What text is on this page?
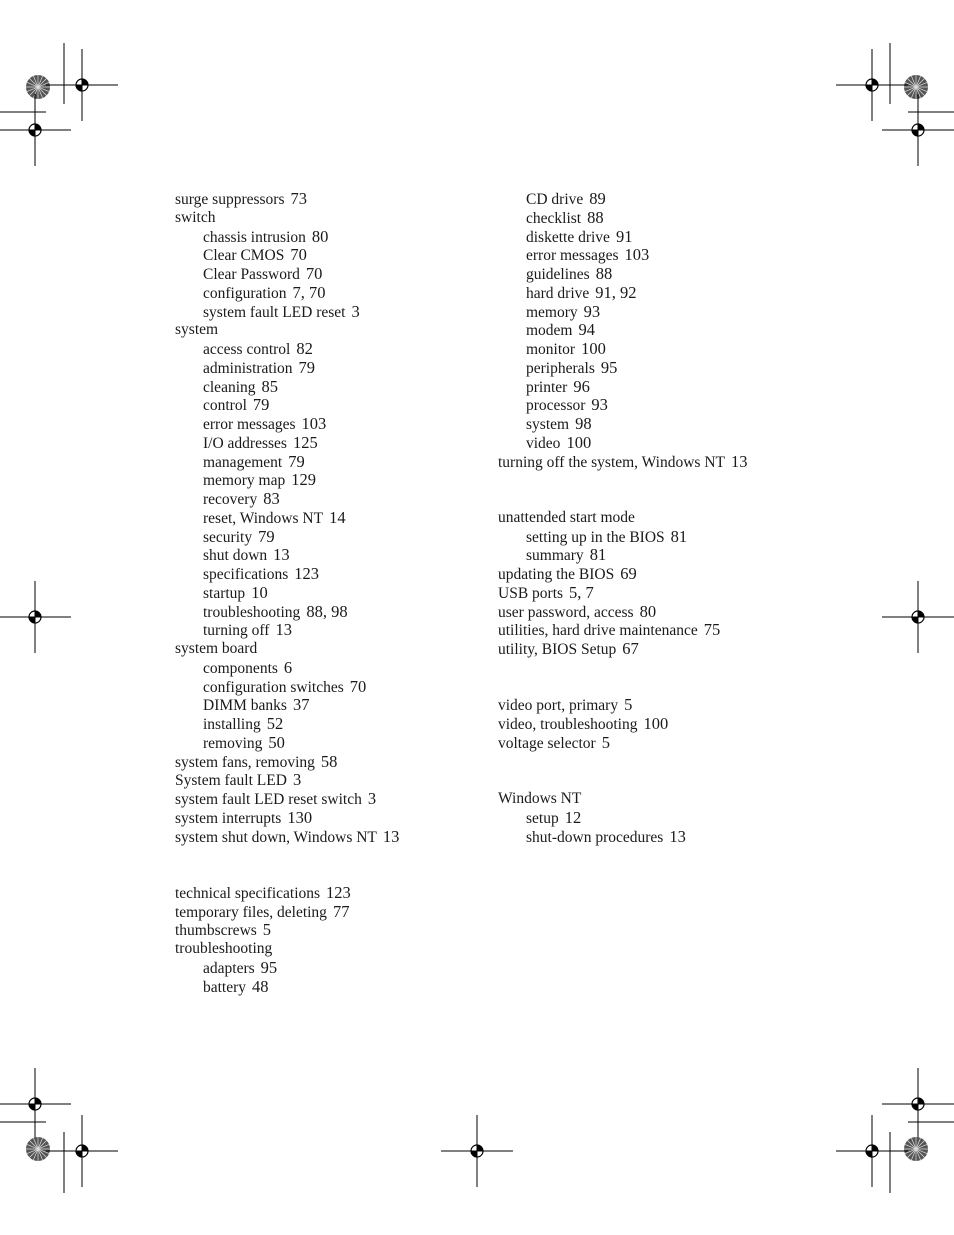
surge suppressors 73
switch
chassis intrusion 80
Clear CMOS 70
Clear Password 70
configuration 7, 70
system fault LED reset 3
system
access control 82
administration 79
cleaning 85
control 79
error messages 103
I/O addresses 125
management 79
memory map 129
recovery 83
reset, Windows NT 14
security 79
shut down 13
specifications 123
startup 10
troubleshooting 88, 98
turning off 13
system board
components 6
configuration switches 70
DIMM banks 37
installing 52
removing 50
system fans, removing 58
System fault LED 3
system fault LED reset switch 3
system interrupts 130
system shut down, Windows NT 13
technical specifications 123
temporary files, deleting 77
thumbscrews 5
troubleshooting
adapters 95
battery 48
CD drive 89
checklist 88
diskette drive 91
error messages 103
guidelines 88
hard drive 91, 92
memory 93
modem 94
monitor 100
peripherals 95
printer 96
processor 93
system 98
video 100
turning off the system, Windows NT 13
unattended start mode
setting up in the BIOS 81
summary 81
updating the BIOS 69
USB ports 5, 7
user password, access 80
utilities, hard drive maintenance 75
utility, BIOS Setup 67
video port, primary 5
video, troubleshooting 100
voltage selector 5
Windows NT
setup 12
shut-down procedures 13
